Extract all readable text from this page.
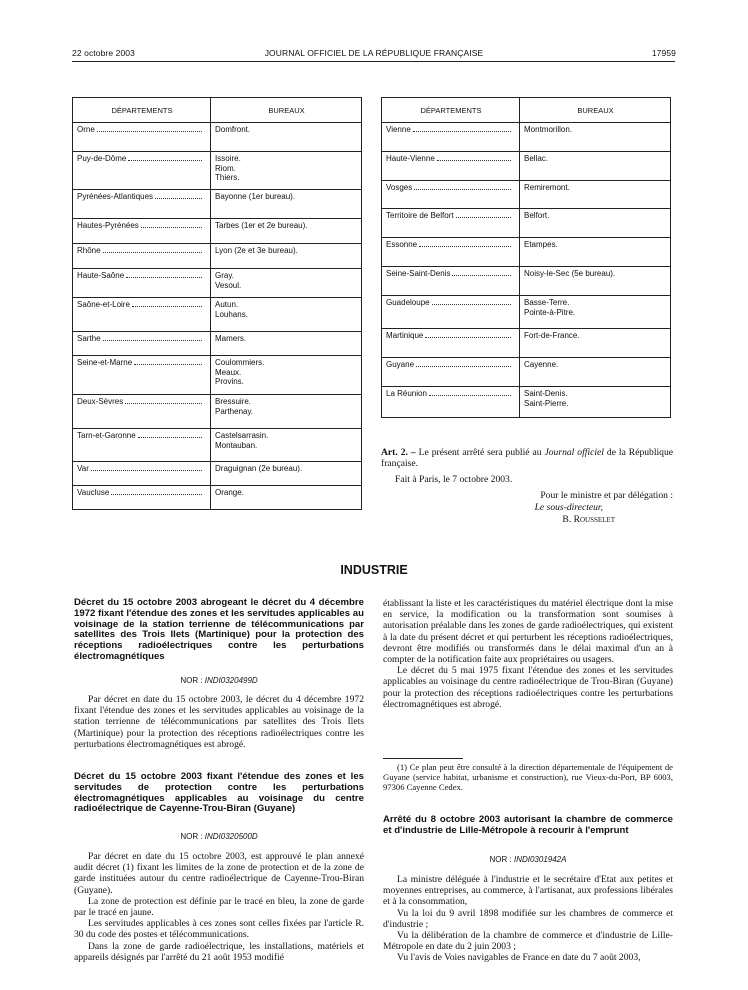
22 octobre 2003	JOURNAL OFFICIEL DE LA RÉPUBLIQUE FRANÇAISE	17959
DÉPARTEMENTS	BUREAUX
Orne	Domfront.

Puy-de-Dôme	Issoire.
Riom.
Thiers.

Pyrénées-Atlantiques	Bayonne (1er bureau).

Hautes-Pyrénées	Tarbes (1er et 2e bureau).

Rhône	Lyon (2e et 3e bureau).

Haute-Saône	Gray.
Vesoul.

Saône-et-Loire	Autun.
Louhans.

Sarthe	Mamers.

Seine-et-Marne	Coulommiers.
Meaux.
Provins.

Deux-Sèvres	Bressuire.
Parthenay.

Tarn-et-Garonne	Castelsarrasin.
Montauban.

Var	Draguignan (2e bureau).

Vaucluse	Orange.
DÉPARTEMENTS	BUREAUX
Vienne	Montmorillon.

Haute-Vienne	Bellac.

Vosges	Remiremont.

Territoire de Belfort	Belfort.

Essonne	Etampes.

Seine-Saint-Denis	Noisy-le-Sec (5e bureau).

Guadeloupe	Basse-Terre.
Pointe-à-Pitre.

Martinique	Fort-de-France.

Guyane	Cayenne.

La Réunion	Saint-Denis.
Saint-Pierre.

Art. 2. – Le présent arrêté sera publié au Journal officiel de la République française.

Fait à Paris, le 7 octobre 2003.

Pour le ministre et par délégation :
Le sous-directeur,
B. Rousselet
INDUSTRIE
Décret du 15 octobre 2003 abrogeant le décret du 4 décembre 1972 fixant l'étendue des zones et les servitudes applicables au voisinage de la station terrienne de télécommunications par satellites des Trois Ilets (Martinique) pour la protection des réceptions radioélectriques contre les perturbations électromagnétiques
NOR : INDI0320499D

Par décret en date du 15 octobre 2003, le décret du 4 décembre 1972 fixant l'étendue des zones et les servitudes applicables au voisinage de la station terrienne de télécommunications par satellites des Trois Ilets (Martinique) pour la protection des réceptions radioélectriques contre les perturbations électromagnétiques est abrogé.

Décret du 15 octobre 2003 fixant l'étendue des zones et les servitudes de protection contre les perturbations électromagnétiques applicables au voisinage du centre radioélectrique de Cayenne-Trou-Biran (Guyane)
NOR : INDI0320500D

Par décret en date du 15 octobre 2003, est approuvé le plan annexé audit décret (1) fixant les limites de la zone de protection et de la zone de garde instituées autour du centre radioélectrique de Cayenne-Trou-Biran (Guyane).

La zone de protection est définie par le tracé en bleu, la zone de garde par le tracé en jaune.

Les servitudes applicables à ces zones sont celles fixées par l'article R. 30 du code des postes et télécommunications.

Dans la zone de garde radioélectrique, les installations, matériels et appareils désignés par l'arrêté du 21 août 1953 modifié

établissant la liste et les caractéristiques du matériel électrique dont la mise en service, la modification ou la transformation sont soumises à autorisation préalable dans les zones de garde radioélectriques, qui existent à la date du présent décret et qui perturbent les réceptions radioélectriques, devront être modifiés ou transformés dans le délai maximal d'un an à compter de la notification faite aux propriétaires ou usagers.

Le décret du 5 mai 1975 fixant l'étendue des zones et les servitudes applicables au voisinage du centre radioélectrique de Trou-Biran (Guyane) pour la protection des réceptions radioélectriques contre les perturbations électromagnétiques est abrogé.

(1) Ce plan peut être consulté à la direction départementale de l'équipement de Guyane (service habitat, urbanisme et construction), rue Vieux-du-Port, BP 6003, 97306 Cayenne Cedex.

Arrêté du 8 octobre 2003 autorisant la chambre de commerce et d'industrie de Lille-Métropole à recourir à l'emprunt
NOR : INDI0301942A

La ministre déléguée à l'industrie et le secrétaire d'Etat aux petites et moyennes entreprises, au commerce, à l'artisanat, aux professions libérales et à la consommation,

Vu la loi du 9 avril 1898 modifiée sur les chambres de commerce et d'industrie ;

Vu la délibération de la chambre de commerce et d'industrie de Lille-Métropole en date du 2 juin 2003 ;

Vu l'avis de Voies navigables de France en date du 7 août 2003,
